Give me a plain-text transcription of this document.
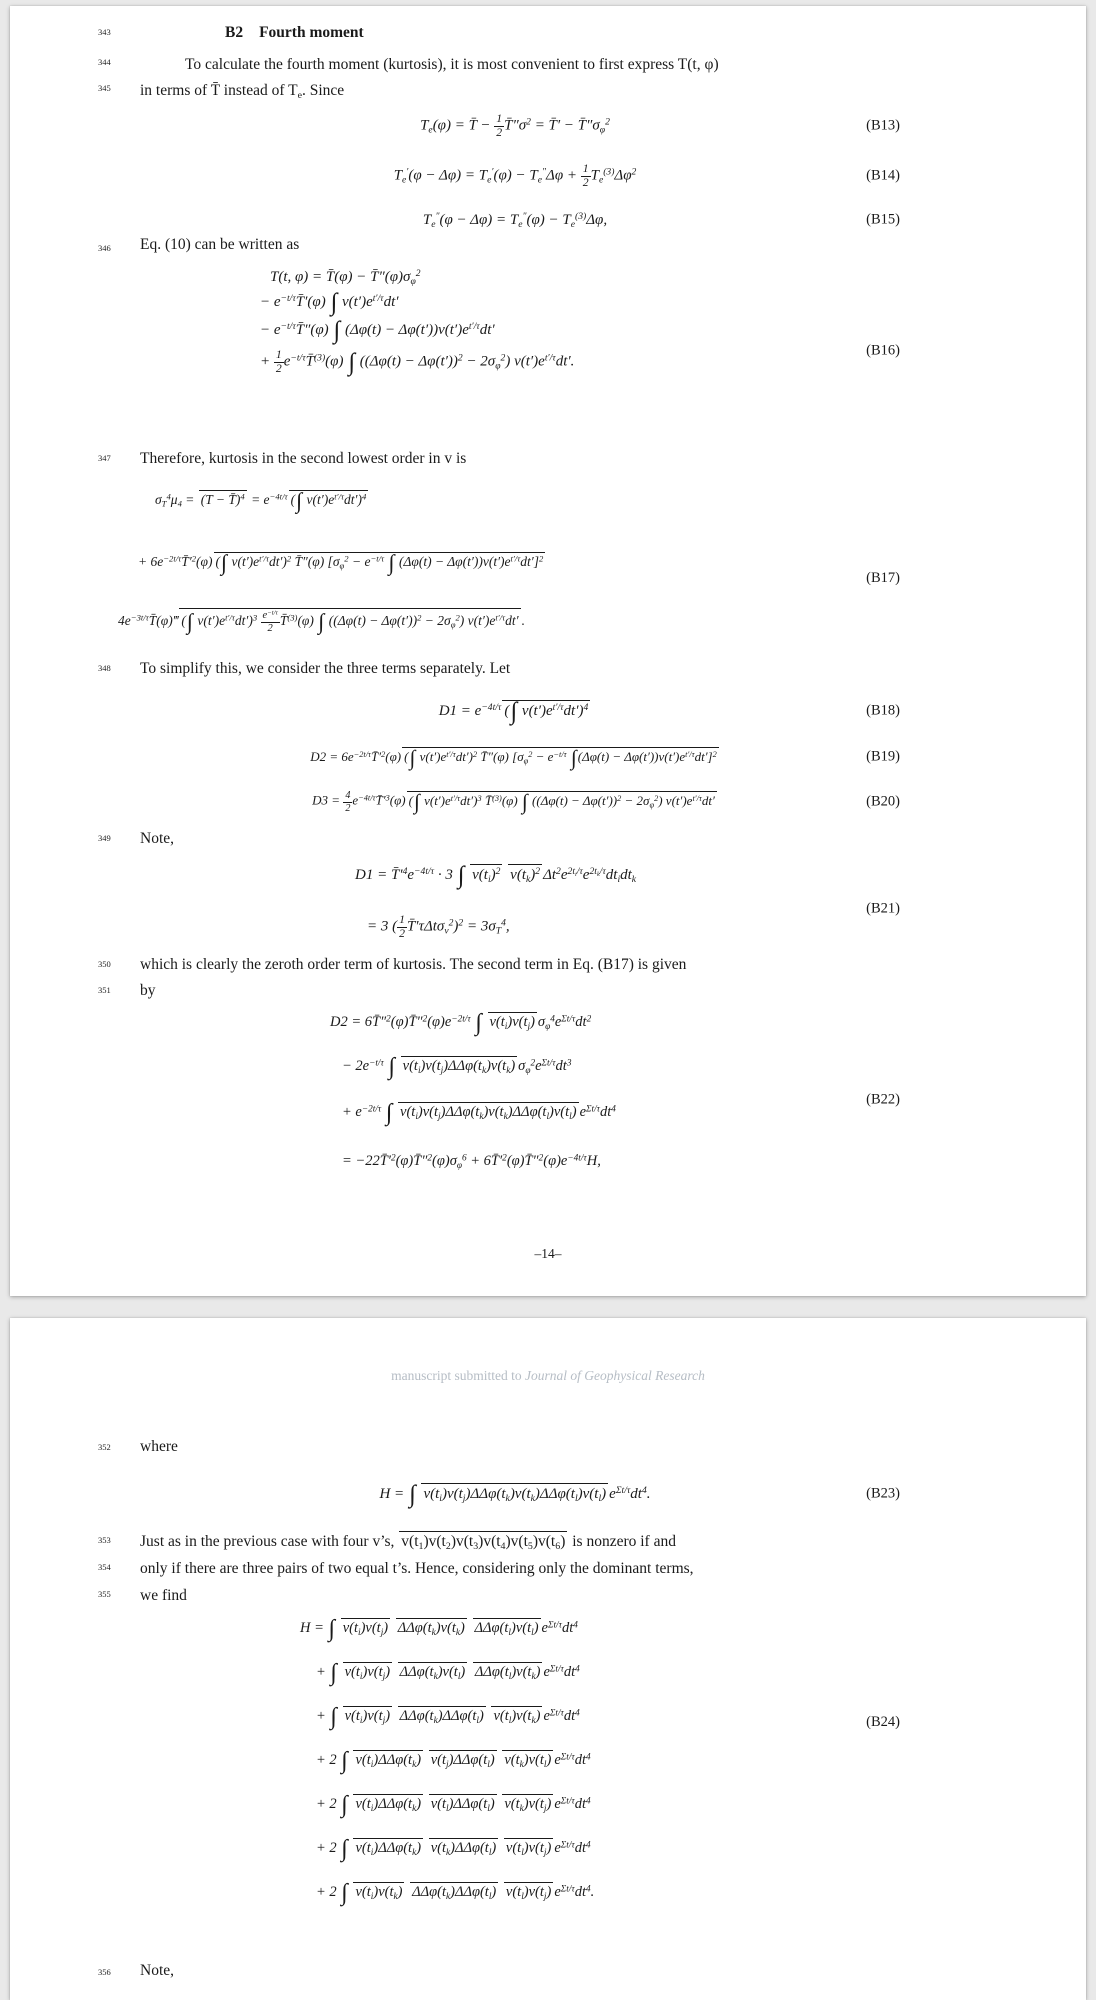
B2 Fourth moment
To calculate the fourth moment (kurtosis), it is most convenient to first express T(t, φ)
in terms of T̄ instead of $T_e$. Since
$T_e(\varphi)$ = T̄ − $\frac{1}{2}$ $T̄''\sigma^2$ = T̄′ − $T̄''\sigma_\varphi^2$	(B13)
$T_e'(\varphi - \Delta\varphi) = T_e'(\varphi) - T_e''\Delta\varphi + \frac{1}{2} T_e^{(3)}\Delta\varphi^2$	(B14)
$T_e''(\varphi - \Delta\varphi) = T_e''(\varphi) - T_e^{(3)}\Delta\varphi$,	(B15)
Eq. (10) can be written as
T(t, φ) = T̄(φ) − $T̄''(\varphi)\sigma_\varphi^2$
− $e^{-t/\tau}T̄'(\varphi)$ ∫ $v(t')e^{t'/\tau}dt'$
− $e^{-t/\tau}T̄''(\varphi)$ ∫ $(\Delta\varphi(t) - \Delta\varphi(t'))v(t')e^{t'/\tau}dt'$
+ $\frac{1}{2}$ $e^{-t/\tau}T̄^{(3)}(\varphi)$ ∫ $((\Delta\varphi(t) - \Delta\varphi(t'))^2 - 2\sigma_\varphi^2)$ $v(t')e^{t'/\tau}dt'$.
(B16)
Therefore, kurtosis in the second lowest order in v is
$\sigma_T^4\mu_4 = (T$ − T̄)$^4$ = $e^{-4t/\tau}$ (∫ $v(t')e^{t'/\tau}dt')^4$
+ $6e^{-2t/\tau}T̄'^2(\varphi)$ (∫ $v(t')e^{t'/\tau}dt')^2$ T̄″(φ) [$\sigma_\varphi^2 - e^{-t/\tau}$ ∫ $(\Delta\varphi(t) - \Delta\varphi(t'))v(t')e^{t'/\tau}dt']^2$
$4e^{-3t/\tau}T̄(\varphi)‴$ (∫ $v(t')e^{t'/\tau}dt')^3 \frac{e^{-t/\tau}}{2}$ T̄$^{(3)}$(φ) ∫ $((\Delta\varphi(t) - \Delta\varphi(t'))^2 - 2\sigma_\varphi^2)$ $v(t')e^{t'/\tau}dt'$ .
(B17)
To simplify this, we consider the three terms separately. Let
$D1 = e^{-4t/\tau}$ (∫ $v(t')e^{t'/\tau}dt')^4$	(B18)
$D2 = 6e^{-2t/\tau}T̄'^2(\varphi)$ (∫ $v(t')e^{t'/\tau}dt')^2$ T̄″(φ) [$\sigma_\varphi^2 - e^{-t/\tau}$ $\int(\Delta\varphi(t) - \Delta\varphi(t'))v(t')e^{t'/\tau}dt']^2$	(B19)
$D3 = \frac{4}{2}$ $e^{-4t/\tau}T̄'^3(\varphi)$ (∫ $v(t')e^{t'/\tau}dt')^3$ T̄$^{(3)}$(φ) ∫ $((\Delta\varphi(t) - \Delta\varphi(t'))^2 - 2\sigma_\varphi^2)$ $v(t')e^{t'/\tau}dt'$	(B20)
Note,
$D1 = T̄'^4e^{-4t/\tau} \cdot 3$ ∫ $v(t_i)^2$ $v(t_k)^2$ $\Delta t^2e^{2t_i/\tau}e^{2t_k/\tau}dt_idt_k$
= 3 ( $\frac{1}{2}$ T̄′τΔtσ$_v^2$)$^2$ = $3\sigma_T^4$,
(B21)
which is clearly the zeroth order term of kurtosis. The second term in Eq. (B17) is given
by
$D2 = 6T̄''^2(\varphi)T̄''^2(\varphi)e^{-2t/\tau}$ ∫ $v(t_i)v(t_j)$ $\sigma_\varphi^4e^{\Sigma t/\tau}dt^2$
− $2e^{-t/\tau}$ ∫ $v(t_i)v(t_j)\Delta\Delta\varphi(t_k)v(t_k)$ $\sigma_\varphi^2e^{\Sigma t/\tau}dt^3$
+ $e^{-2t/\tau}$ ∫ $v(t_i)v(t_j)\Delta\Delta\varphi(t_k)v(t_k)\Delta\Delta\varphi(t_l)v(t_l)$ $e^{\Sigma t/\tau}dt^4$
= $-22T̄'^2(\varphi)T̄''^2(\varphi)\sigma_\varphi^6$ + $6T̄'^2(\varphi)T̄''^2(\varphi)e^{-4t/\tau}H$,
(B22)
–14–
343
344
345
346
347
348
349
350
351
manuscript submitted to Journal of Geophysical Research
where
H = ∫ $v(t_i)v(t_j)\Delta\Delta\varphi(t_k)v(t_k)\Delta\Delta\varphi(t_l)v(t_l)$ $e^{\Sigma t/\tau}dt^4$.	(B23)
Just as in the previous case with four v’s, $v(t_1)v(t_2)v(t_3)v(t_4)v(t_5)v(t_6)$ is nonzero if and
only if there are three pairs of two equal t’s. Hence, considering only the dominant terms,
we find
H = ∫ $v(t_i)v(t_j)$ $\Delta\Delta\varphi(t_k)v(t_k)$ $\Delta\Delta\varphi(t_l)v(t_l)$ $e^{\Sigma t/\tau}dt^4$
+ ∫ $v(t_i)v(t_j)$ $\Delta\Delta\varphi(t_k)v(t_l)$ $\Delta\Delta\varphi(t_l)v(t_k)$ $e^{\Sigma t/\tau}dt^4$
+ ∫ $v(t_i)v(t_j)$ $\Delta\Delta\varphi(t_k)\Delta\Delta\varphi(t_l)$ $v(t_l)v(t_k)$ $e^{\Sigma t/\tau}dt^4$
+ 2 ∫ $v(t_i)\Delta\Delta\varphi(t_k)$ $v(t_j)\Delta\Delta\varphi(t_l)$ $v(t_k)v(t_l)$ $e^{\Sigma t/\tau}dt^4$
+ 2 ∫ $v(t_i)\Delta\Delta\varphi(t_k)$ $v(t_l)\Delta\Delta\varphi(t_l)$ $v(t_k)v(t_j)$ $e^{\Sigma t/\tau}dt^4$
+ 2 ∫ $v(t_i)\Delta\Delta\varphi(t_k)$ $v(t_k)\Delta\Delta\varphi(t_l)$ $v(t_l)v(t_j)$ $e^{\Sigma t/\tau}dt^4$
+ 2 ∫ $v(t_i)v(t_k)$ $\Delta\Delta\varphi(t_k)\Delta\Delta\varphi(t_l)$ $v(t_l)v(t_j)$ $e^{\Sigma t/\tau}dt^4$.
(B24)
Note,
352
353
354
355
356
